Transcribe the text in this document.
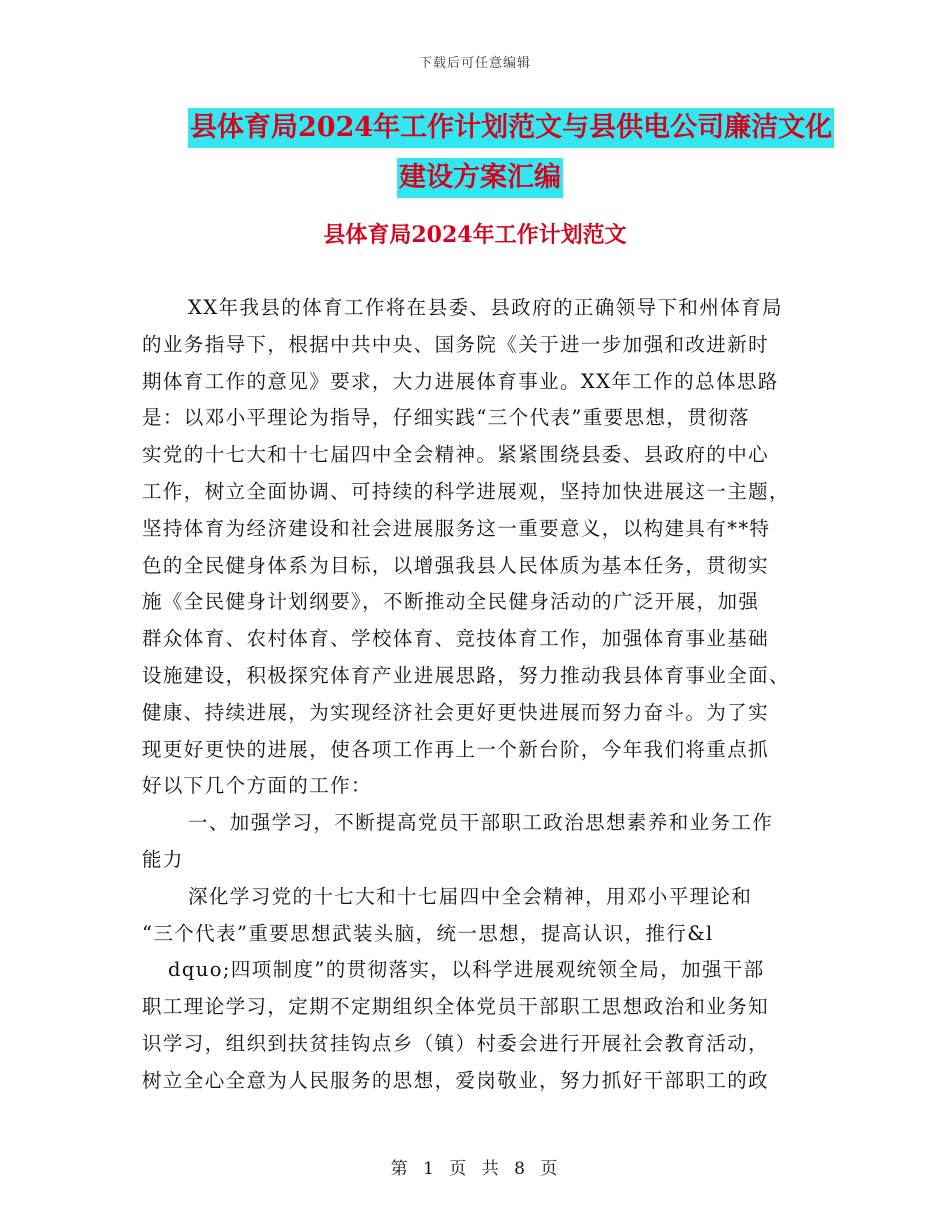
下载后可任意编辑
县体育局2024年工作计划范文与县供电公司廉洁文化
建设方案汇编
县体育局2024年工作计划范文
XX年我县的体育工作将在县委、县政府的正确领导下和州体育局
的业务指导下，根据中共中央、国务院《关于进一步加强和改进新时
期体育工作的意见》要求，大力进展体育事业。XX年工作的总体思路
是：以邓小平理论为指导，仔细实践“三个代表”重要思想，贯彻落
实党的十七大和十七届四中全会精神。紧紧围绕县委、县政府的中心
工作，树立全面协调、可持续的科学进展观，坚持加快进展这一主题，
坚持体育为经济建设和社会进展服务这一重要意义，以构建具有**特
色的全民健身体系为目标，以增强我县人民体质为基本任务，贯彻实
施《全民健身计划纲要》，不断推动全民健身活动的广泛开展，加强
群众体育、农村体育、学校体育、竞技体育工作，加强体育事业基础
设施建设，积极探究体育产业进展思路，努力推动我县体育事业全面、
健康、持续进展，为实现经济社会更好更快进展而努力奋斗。为了实
现更好更快的进展，使各项工作再上一个新台阶，今年我们将重点抓
好以下几个方面的工作：
一、加强学习，不断提高党员干部职工政治思想素养和业务工作
能力
深化学习党的十七大和十七届四中全会精神，用邓小平理论和
“三个代表”重要思想武装头脑，统一思想，提高认识，推行&l
dquo;四项制度”的贯彻落实，以科学进展观统领全局，加强干部
职工理论学习，定期不定期组织全体党员干部职工思想政治和业务知
识学习，组织到扶贫挂钩点乡（镇）村委会进行开展社会教育活动，
树立全心全意为人民服务的思想，爱岗敬业，努力抓好干部职工的政
第 1 页 共 8 页
